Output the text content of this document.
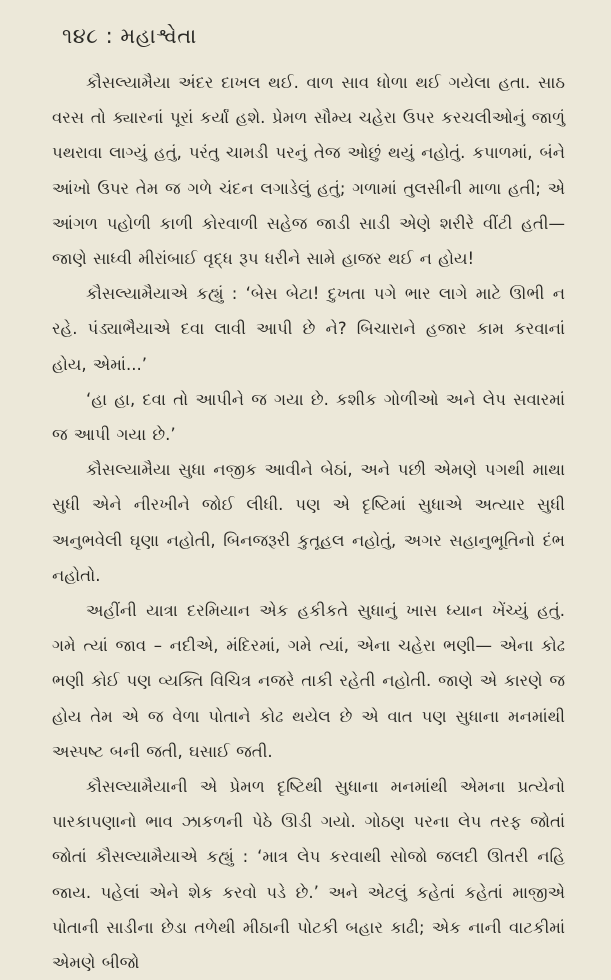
૧૪૮ : મહાશ્વેતા

કૌસલ્યામૈયા અંદર દાખલ થઈ. વાળ સાવ ધોળા થઈ ગયેલા હતા. સાઠ વરસ તો ક્યારનાં પૂરાં કર્યાં હશે. પ્રેમળ સૌમ્ય ચહેરા ઉપર કરચલીઓનું જાળું પથરાવા લાગ્યું હતું, પરંતુ ચામડી પરનું તેજ ઓછું થયું નહોતું. કપાળમાં, બંને આંખો ઉપર તેમ જ ગળે ચંદન લગાડેલું હતું; ગળામાં તુલસીની માળા હતી; એ આંગળ પહોળી કાળી કોરવાળી સહેજ જાડી સાડી એણે શરીરે વીંટી હતી— જાણે સાધ્વી મીરાંબાઈ વૃદ્ધ રૂપ ધરીને સામે હાજર થઈ ન હોય!

કૌસલ્યામૈયાએ કહ્યું : ‘બેસ બેટા! દુખતા પગે ભાર લાગે માટે ઊભી ન રહે. પંડ્યાભૈયાએ દવા લાવી આપી છે ને? બિચારાને હજાર કામ કરવાનાં હોય, એમાં...’

‘હા હા, દવા તો આપીને જ ગયા છે. કશીક ગોળીઓ અને લેપ સવારમાં જ આપી ગયા છે.’

કૌસલ્યામૈયા સુધા નજીક આવીને બેઠાં, અને પછી એમણે પગથી માથા સુધી એને નીરખીને જોઈ લીધી. પણ એ દૃષ્ટિમાં સુધાએ અત્યાર સુધી અનુભવેલી ઘૃણા નહોતી, બિનજરૂરી કુતૂહલ નહોતું, અગર સહાનુભૂતિનો દંભ નહોતો.

અહીંની યાત્રા દરમિયાન એક હકીકતે સુધાનું ખાસ ધ્યાન ખેંચ્યું હતું. ગમે ત્યાં જાવ – નદીએ, મંદિરમાં, ગમે ત્યાં, એના ચહેરા ભણી— એના કોઢ ભણી કોઈ પણ વ્યક્તિ વિચિત્ર નજરે તાકી રહેતી નહોતી. જાણે એ કારણે જ હોય તેમ એ જ વેળા પોતાને કોઢ થયેલ છે એ વાત પણ સુધાના મનમાંથી અસ્પષ્ટ બની જતી, ઘસાઈ જતી.

કૌસલ્યામૈયાની એ પ્રેમળ દૃષ્ટિથી સુધાના મનમાંથી એમના પ્રત્યેનો પારકાપણાનો ભાવ ઝાકળની પેઠે ઊડી ગયો. ગોઠણ પરના લેપ તરફ જોતાં જોતાં કૌસલ્યામૈયાએ કહ્યું : ‘માત્ર લેપ કરવાથી સોજો જલદી ઊતરી નહિ જાય. પહેલાં એને શેક કરવો પડે છે.’ અને એટલું કહેતાં કહેતાં માજીએ પોતાની સાડીના છેડા તળેથી મીઠાની પોટકી બહાર કાઢી; એક નાની વાટકીમાં એમણે બીજો
